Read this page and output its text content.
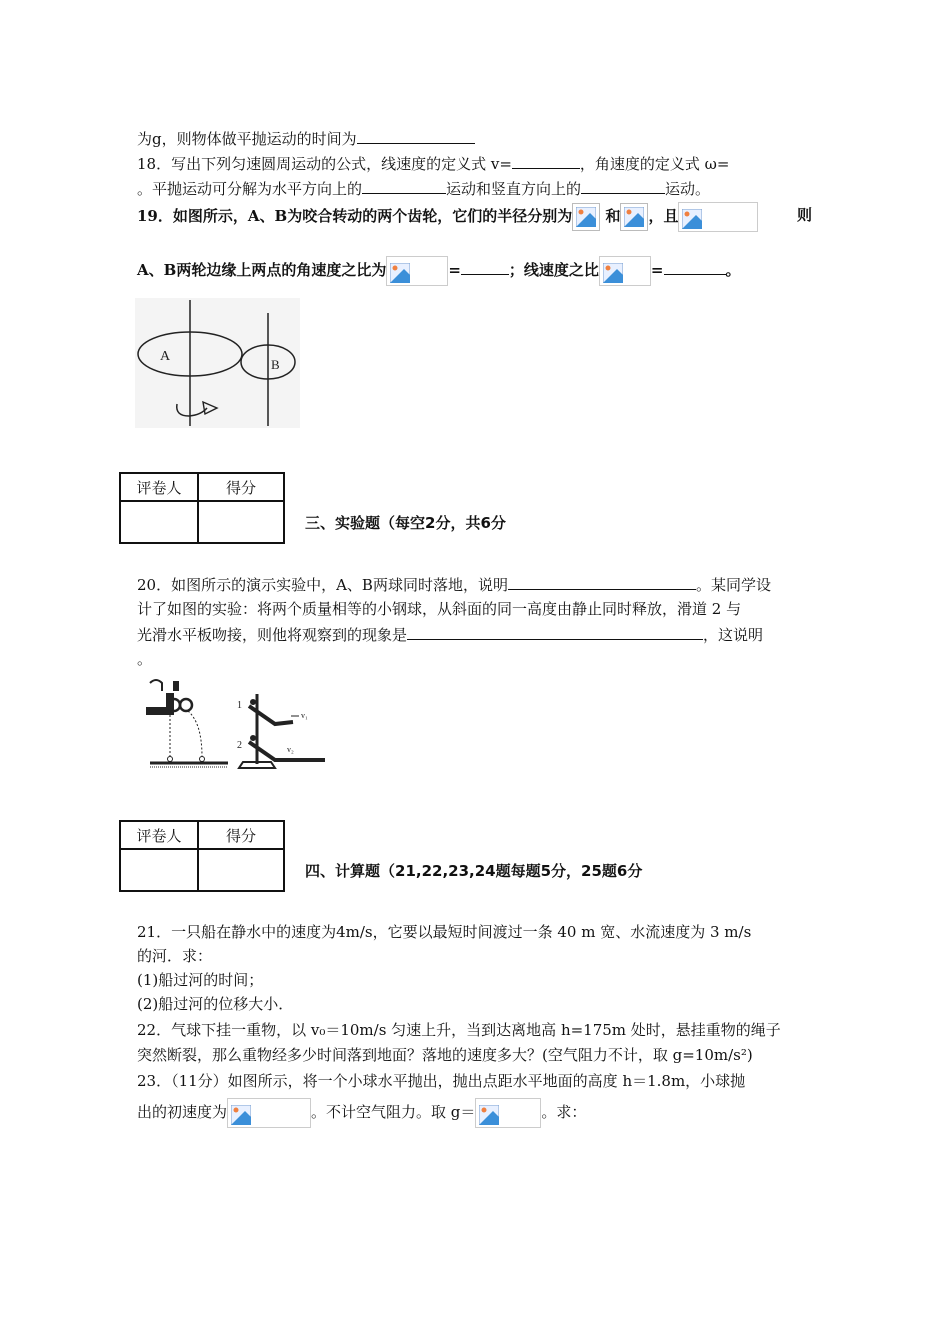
为g，则物体做平抛运动的时间为
18．写出下列匀速圆周运动的公式，线速度的定义式 v=	，角速度的定义式 ω=
。平抛运动可分解为水平方向上的	运动和竖直方向上的	运动。
19．如图所示，A、B为咬合转动的两个齿轮，它们的半径分别为 和 ，且	则
A、B两轮边缘上两点的角速度之比为	=	；线速度之比	=	。
A
B
评卷人	得分

三、实验题（每空2分，共6分
20．如图所示的演示实验中，A、B两球同时落地，说明	。某同学设
计了如图的实验：将两个质量相等的小钢球，从斜面的同一高度由静止同时释放，滑道 2 与
光滑水平板吻接，则他将观察到的现象是	，这说明
。
1
2
v₁
v₂
评卷人	得分

四、计算题（21,22,23,24题每题5分，25题6分
21．一只船在静水中的速度为4m/s，它要以最短时间渡过一条 40 m 宽、水流速度为 3 m/s
的河．求：
(1)船过河的时间；
(2)船过河的位移大小．
22．气球下挂一重物，以 v₀＝10m/s 匀速上升，当到达离地高 h=175m 处时，悬挂重物的绳子
突然断裂，那么重物经多少时间落到地面？落地的速度多大？(空气阻力不计，取 g=10m/s²)
23．（11分）如图所示，将一个小球水平抛出，抛出点距水平地面的高度 h＝1.8m，小球抛
出的初速度为	。不计空气阻力。取 g＝	。求：
